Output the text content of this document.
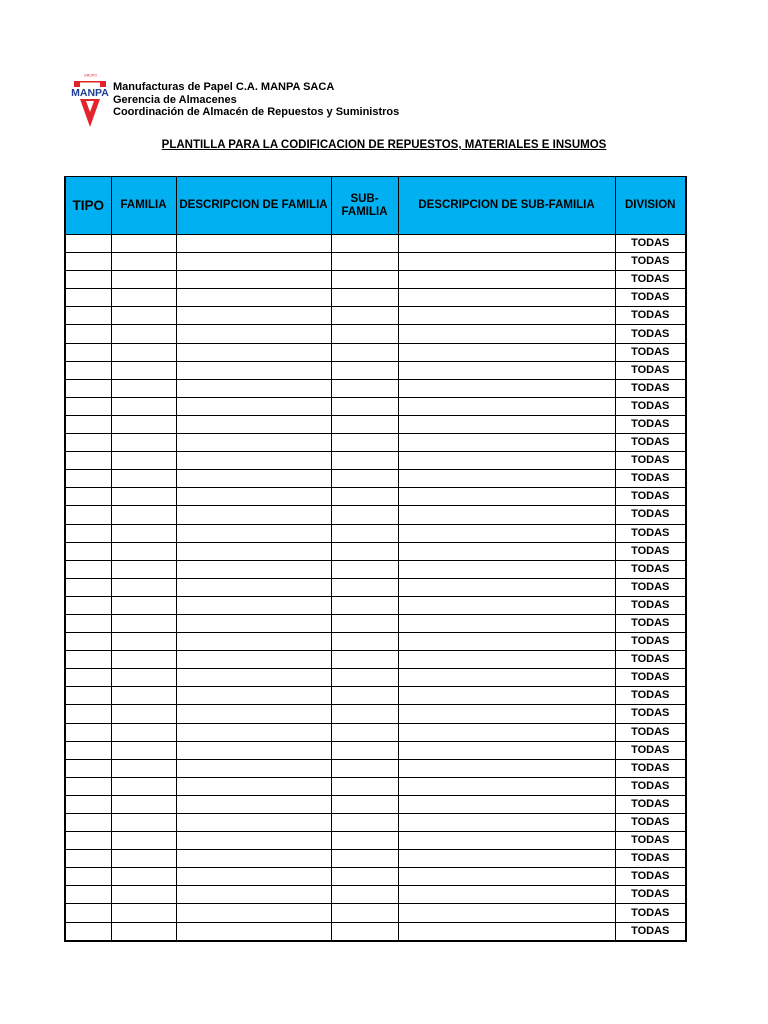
GRUPO
MANPA Manufacturas de Papel C.A. MANPA SACA
Gerencia de Almacenes
Coordinación de Almacén de Repuestos y Suministros
PLANTILLA PARA LA CODIFICACION DE REPUESTOS, MATERIALES E INSUMOS
TIPO	FAMILIA	DESCRIPCION DE FAMILIA	SUB-FAMILIA	DESCRIPCION DE SUB-FAMILIA	DIVISION
					TODAS
					TODAS
					TODAS
					TODAS
					TODAS
					TODAS
					TODAS
					TODAS
					TODAS
					TODAS
					TODAS
					TODAS
					TODAS
					TODAS
					TODAS
					TODAS
					TODAS
					TODAS
					TODAS
					TODAS
					TODAS
					TODAS
					TODAS
					TODAS
					TODAS
					TODAS
					TODAS
					TODAS
					TODAS
					TODAS
					TODAS
					TODAS
					TODAS
					TODAS
					TODAS
					TODAS
					TODAS
					TODAS
					TODAS
